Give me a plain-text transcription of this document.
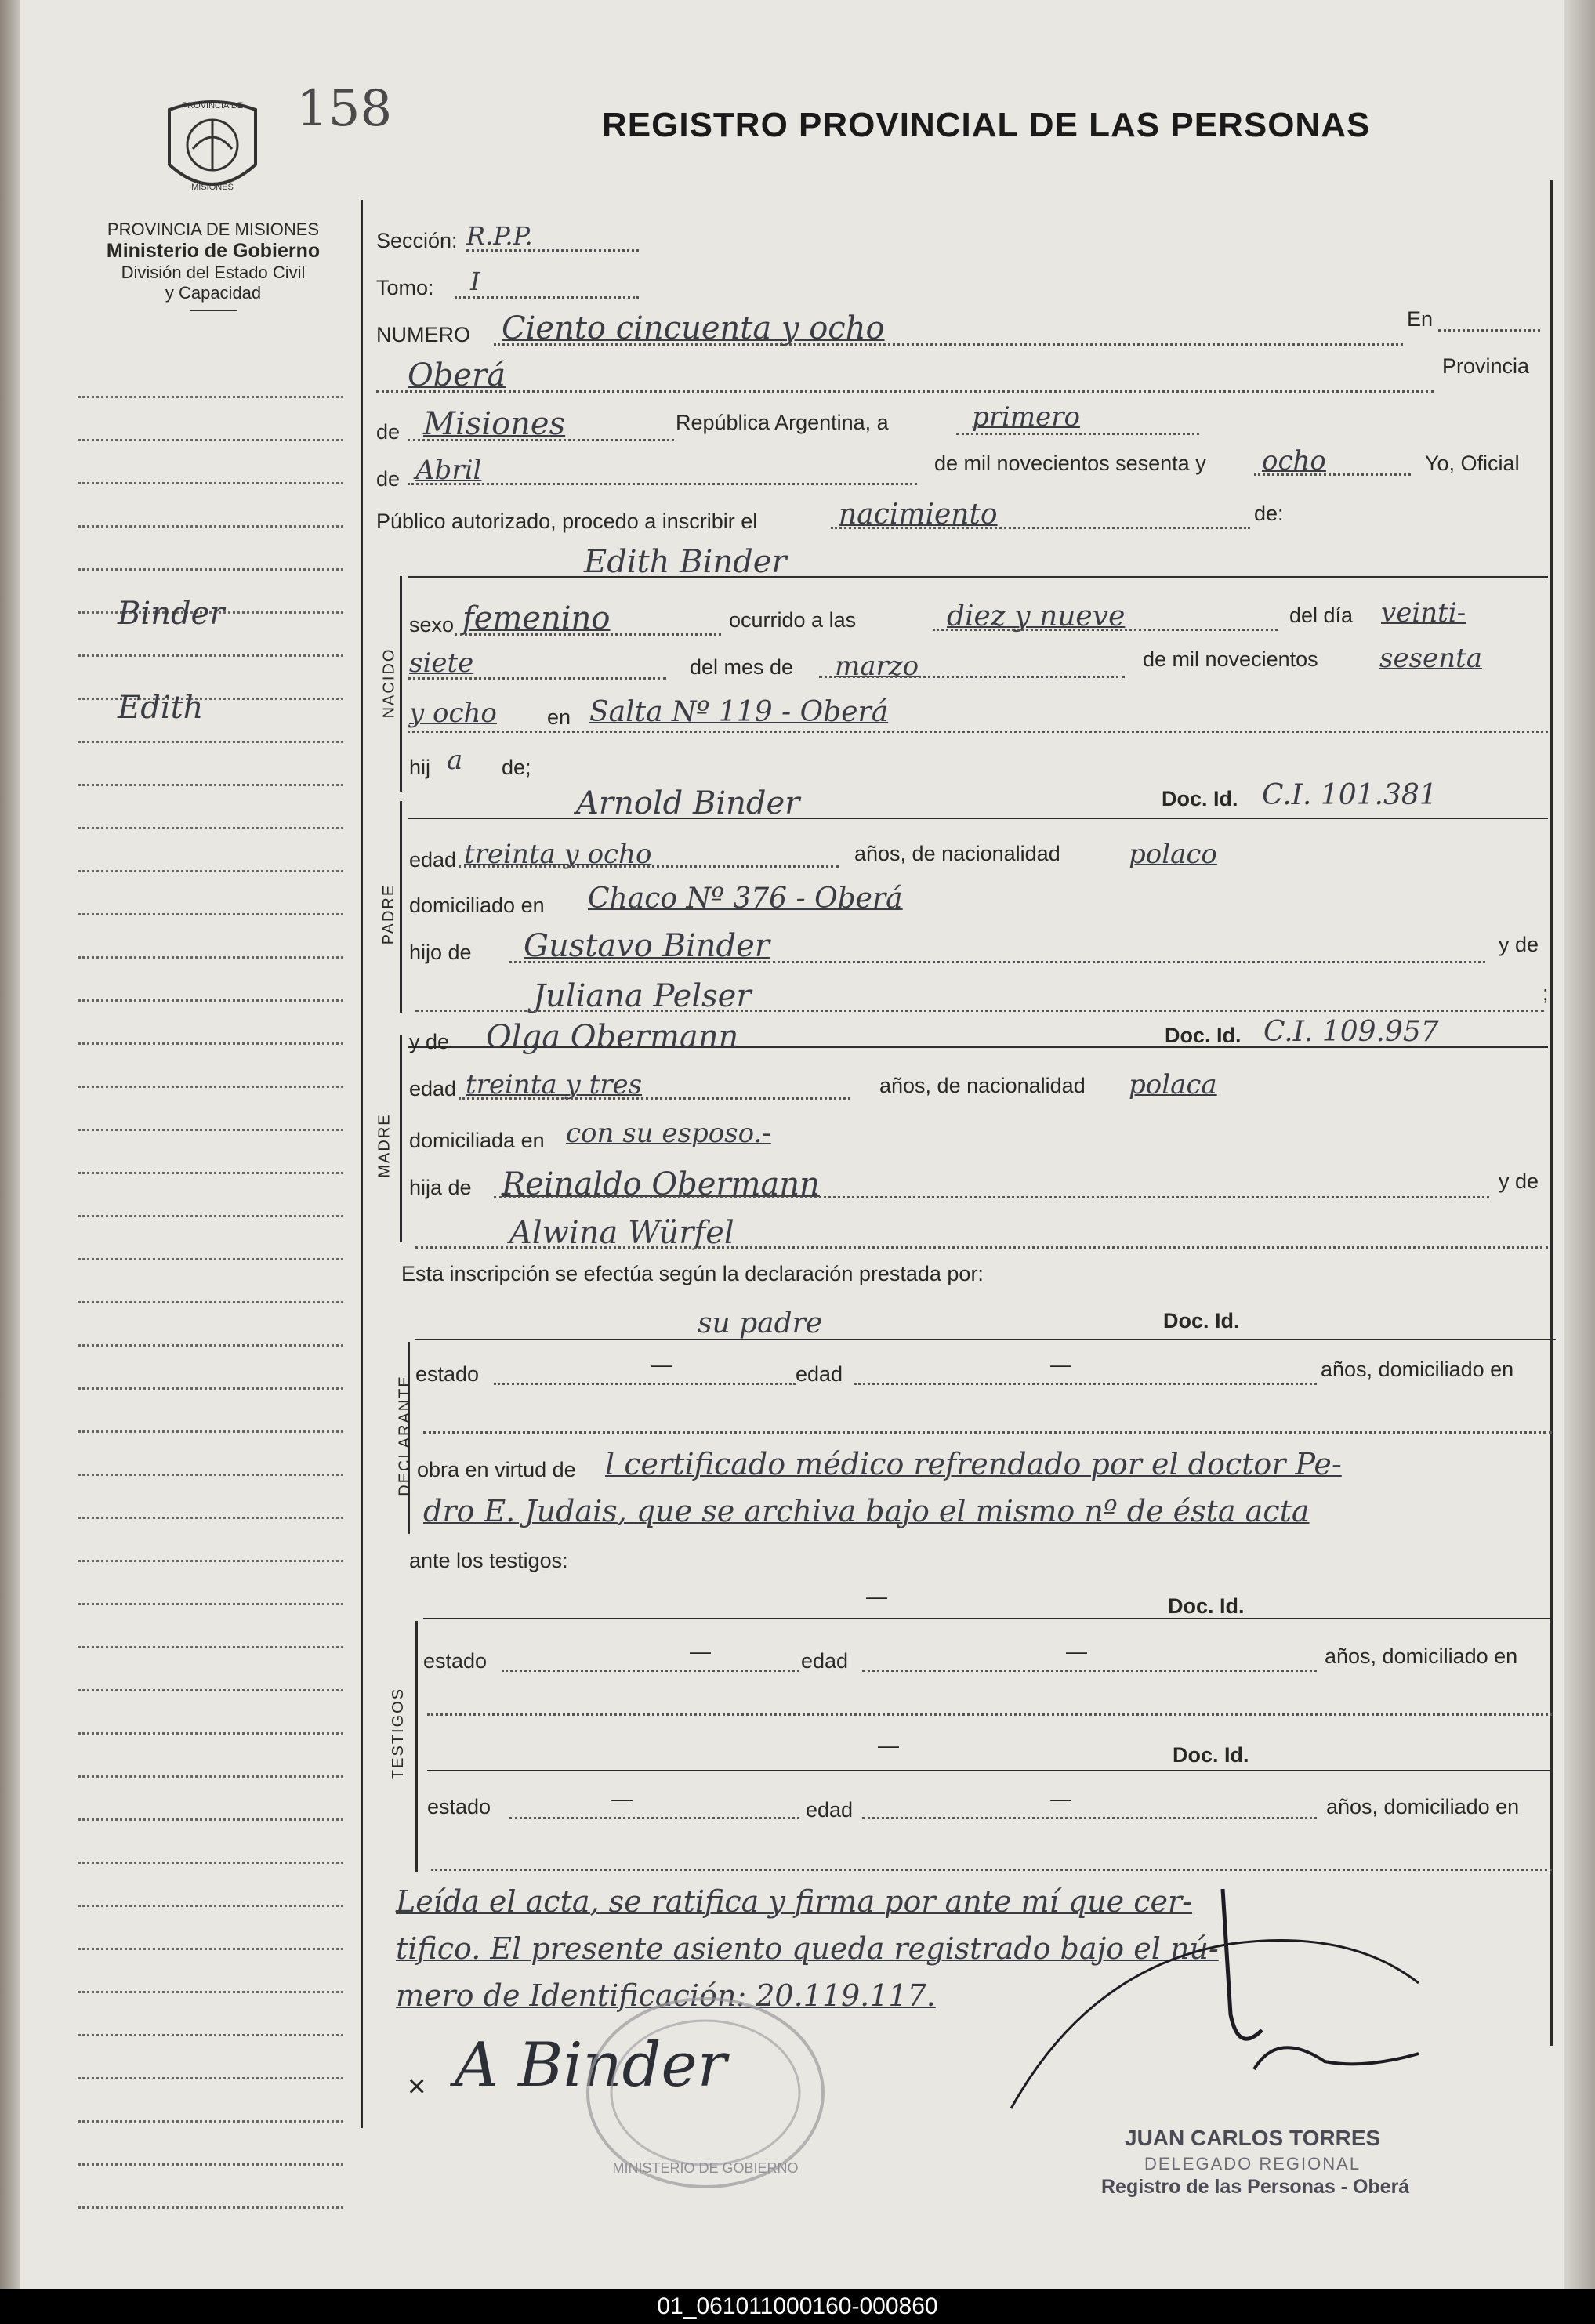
PROVINCIA DE
MISIONES
158	REGISTRO PROVINCIAL DE LAS PERSONAS
PROVINCIA DE MISIONES
Ministerio de Gobierno
División del Estado Civil
y Capacidad
Binder
Edith
Sección: R.P.P.
Tomo: I
NUMERO Ciento cincuenta y ocho	En
Oberá	Provincia
de Misiones	República Argentina, a	primero
de Abril	de mil novecientos sesenta y ocho	Yo, Oficial
Público autorizado, procedo a inscribir el	nacimiento	de:
Edith Binder
NACIDO
sexo femenino	ocurrido a las	diez y nueve	del día veinti-
siete	del mes de marzo	de mil novecientos sesenta
y ocho en Salta Nº 119 - Oberá
hij a de;
Arnold Binder
PADRE
Doc. Id. C.I. 101.381
edad treinta y ocho	años, de nacionalidad	polaco
domiciliado en Chaco Nº 376 - Oberá
hijo de Gustavo Binder	y de
Juliana Pelser	;
MADRE
y de Olga Obermann	Doc. Id. C.I. 109.957
edad treinta y tres	años, de nacionalidad polaca
domiciliada en con su esposo.-
hija de Reinaldo Obermann	y de
Alwina Würfel
Esta inscripción se efectúa según la declaración prestada por:
su padre	Doc. Id.
DECLARANTE
estado	—	edad	—	años, domiciliado en
obra en virtud de l certificado médico refrendado por el doctor Pe-
dro E. Judais, que se archiva bajo el mismo nº de ésta acta
ante los testigos:
—	Doc. Id.
TESTIGOS
estado	—	edad	—	años, domiciliado en
—	Doc. Id.
estado	—	edad	—	años, domiciliado en
Leída el acta, se ratifica y firma por ante mí que cer-
tifico. El presente asiento queda registrado bajo el nú-
mero de Identificación: 20.119.117.
× A Binder
MINISTERIO DE GOBIERNO
JUAN CARLOS TORRES
DELEGADO REGIONAL
Registro de las Personas - Oberá
01_061011000160-000860
